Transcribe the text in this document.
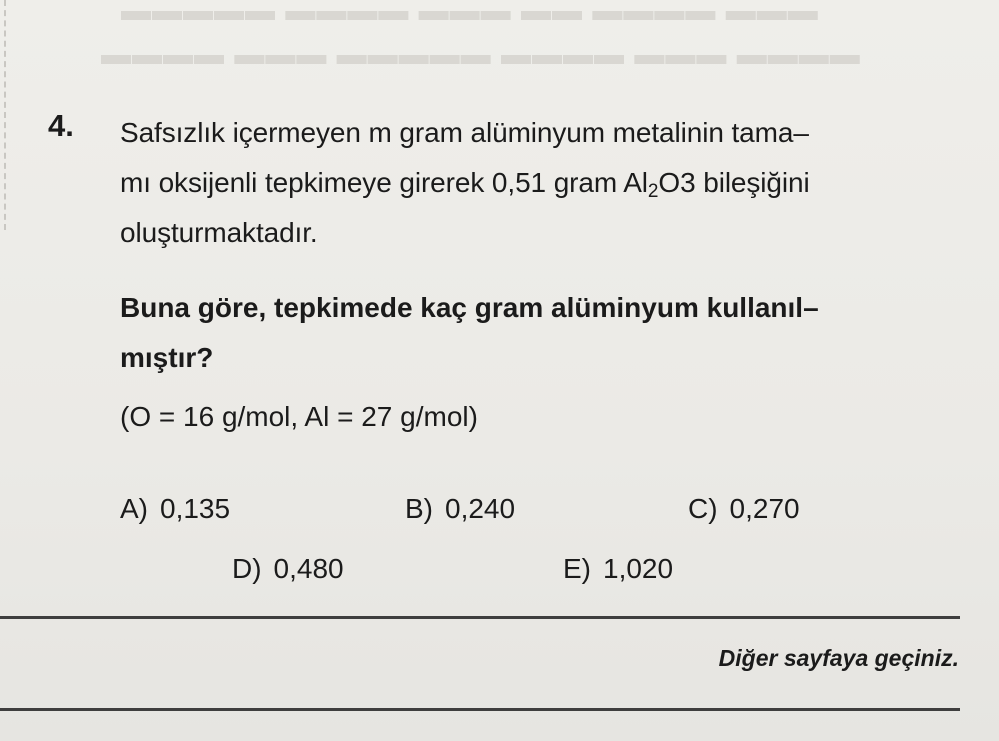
▬▬▬ ▬▬▬▬ ▬▬ ▬▬▬ ▬▬▬▬ ▬▬▬▬▬
▬▬▬▬ ▬▬▬ ▬▬▬▬ ▬▬▬▬▬ ▬▬▬ ▬▬▬▬
4. Safsızlık içermeyen m gram alüminyum metalinin tama–
mı oksijenli tepkimeye girerek 0,51 gram $Al_2O3$ bileşiğini
oluşturmaktadır.
Buna göre, tepkimede kaç gram alüminyum kullanıl–
mıştır?
(O = 16 g/mol, Al = 27 g/mol)
A) 0,135	B) 0,240	C) 0,270
D) 0,480	E) 1,020
Diğer sayfaya geçiniz.
